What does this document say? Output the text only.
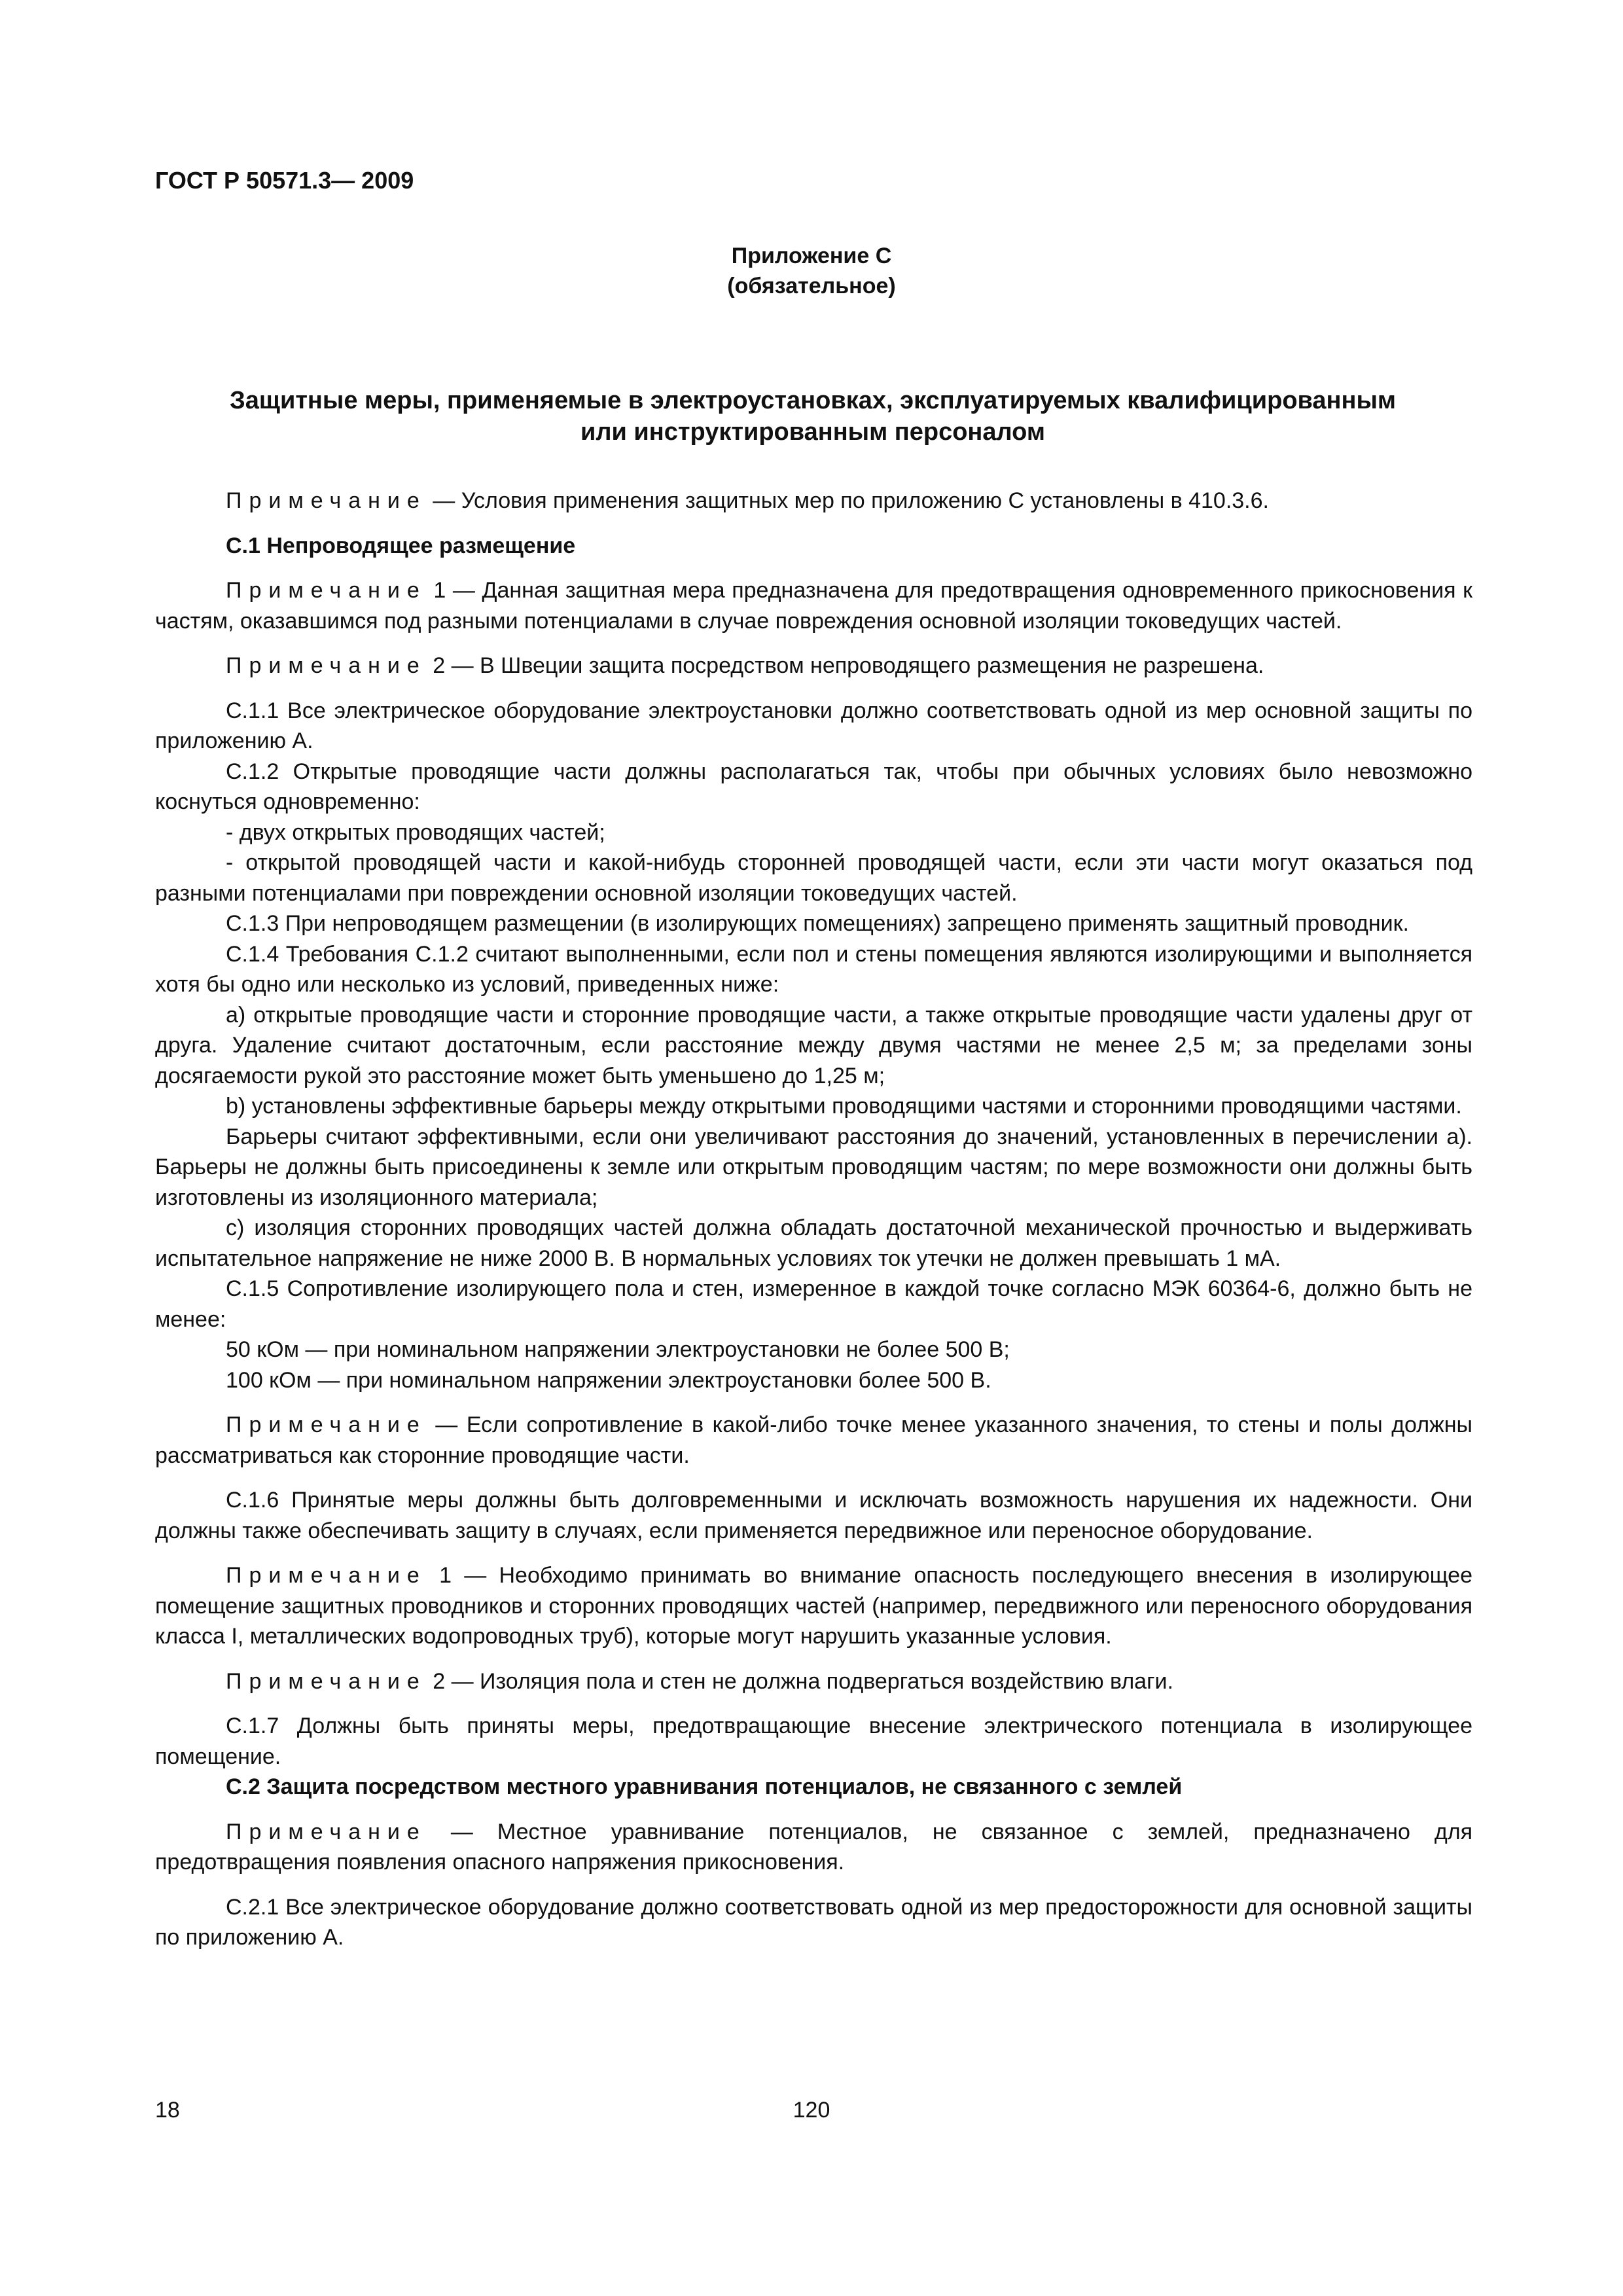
ГОСТ Р 50571.3— 2009
Приложение С
(обязательное)
Защитные меры, применяемые в электроустановках, эксплуатируемых квалифицированным
или инструктированным персоналом

Примечание — Условия применения защитных мер по приложению С установлены в 410.3.6.

С.1 Непроводящее размещение

Примечание 1 — Данная защитная мера предназначена для предотвращения одновременного прикосновения к частям, оказавшимся под разными потенциалами в случае повреждения основной изоляции токоведущих частей.

Примечание 2 — В Швеции защита посредством непроводящего размещения не разрешена.

С.1.1 Все электрическое оборудование электроустановки должно соответствовать одной из мер основной защиты по приложению А.

С.1.2 Открытые проводящие части должны располагаться так, чтобы при обычных условиях было невозможно коснуться одновременно:

- двух открытых проводящих частей;

- открытой проводящей части и какой-нибудь сторонней проводящей части, если эти части могут оказаться под разными потенциалами при повреждении основной изоляции токоведущих частей.

С.1.3 При непроводящем размещении (в изолирующих помещениях) запрещено применять защитный проводник.

С.1.4 Требования С.1.2 считают выполненными, если пол и стены помещения являются изолирующими и выполняется хотя бы одно или несколько из условий, приведенных ниже:

a) открытые проводящие части и сторонние проводящие части, а также открытые проводящие части удалены друг от друга. Удаление считают достаточным, если расстояние между двумя частями не менее 2,5 м; за пределами зоны досягаемости рукой это расстояние может быть уменьшено до 1,25 м;

b) установлены эффективные барьеры между открытыми проводящими частями и сторонними проводящими частями.

Барьеры считают эффективными, если они увеличивают расстояния до значений, установленных в перечислении а). Барьеры не должны быть присоединены к земле или открытым проводящим частям; по мере возможности они должны быть изготовлены из изоляционного материала;

c) изоляция сторонних проводящих частей должна обладать достаточной механической прочностью и выдерживать испытательное напряжение не ниже 2000 В. В нормальных условиях ток утечки не должен превышать 1 мА.

С.1.5 Сопротивление изолирующего пола и стен, измеренное в каждой точке согласно МЭК 60364-6, должно быть не менее:

50 кОм — при номинальном напряжении электроустановки не более 500 В;

100 кОм — при номинальном напряжении электроустановки более 500 В.

Примечание — Если сопротивление в какой-либо точке менее указанного значения, то стены и полы должны рассматриваться как сторонние проводящие части.

С.1.6 Принятые меры должны быть долговременными и исключать возможность нарушения их надежности. Они должны также обеспечивать защиту в случаях, если применяется передвижное или переносное оборудование.

Примечание 1 — Необходимо принимать во внимание опасность последующего внесения в изолирующее помещение защитных проводников и сторонних проводящих частей (например, передвижного или переносного оборудования класса I, металлических водопроводных труб), которые могут нарушить указанные условия.

Примечание 2 — Изоляция пола и стен не должна подвергаться воздействию влаги.

С.1.7 Должны быть приняты меры, предотвращающие внесение электрического потенциала в изолирующее помещение.

С.2 Защита посредством местного уравнивания потенциалов, не связанного с землей

Примечание — Местное уравнивание потенциалов, не связанное с землей, предназначено для предотвращения появления опасного напряжения прикосновения.

С.2.1 Все электрическое оборудование должно соответствовать одной из мер предосторожности для основной защиты по приложению А.

18	120
